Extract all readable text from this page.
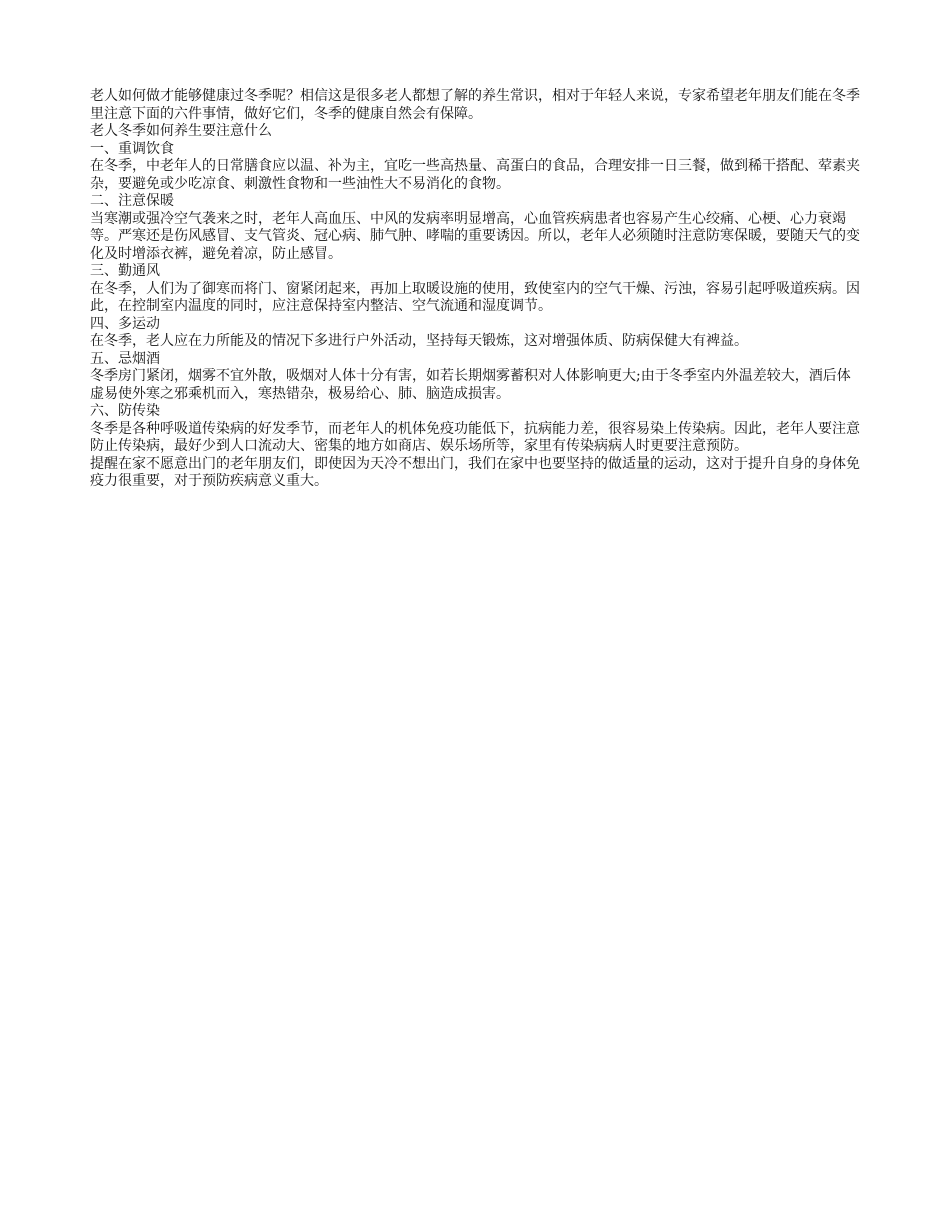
老人如何做才能够健康过冬季呢？相信这是很多老人都想了解的养生常识，相对于年轻人来说，专家希望老年朋友们能在冬季里注意下面的六件事情，做好它们，冬季的健康自然会有保障。

老人冬季如何养生要注意什么

一、重调饮食

在冬季，中老年人的日常膳食应以温、补为主，宜吃一些高热量、高蛋白的食品，合理安排一日三餐，做到稀干搭配、荤素夹杂，要避免或少吃凉食、刺激性食物和一些油性大不易消化的食物。

二、注意保暖

当寒潮或强冷空气袭来之时，老年人高血压、中风的发病率明显增高，心血管疾病患者也容易产生心绞痛、心梗、心力衰竭等。严寒还是伤风感冒、支气管炎、冠心病、肺气肿、哮喘的重要诱因。所以，老年人必须随时注意防寒保暖，要随天气的变化及时增添衣裤，避免着凉，防止感冒。

三、勤通风

在冬季，人们为了御寒而将门、窗紧闭起来，再加上取暖设施的使用，致使室内的空气干燥、污浊，容易引起呼吸道疾病。因此，在控制室内温度的同时，应注意保持室内整洁、空气流通和湿度调节。

四、多运动

在冬季，老人应在力所能及的情况下多进行户外活动，坚持每天锻炼，这对增强体质、防病保健大有裨益。

五、忌烟酒

冬季房门紧闭，烟雾不宜外散，吸烟对人体十分有害，如若长期烟雾蓄积对人体影响更大;由于冬季室内外温差较大，酒后体虚易使外寒之邪乘机而入，寒热错杂，极易给心、肺、脑造成损害。

六、防传染

冬季是各种呼吸道传染病的好发季节，而老年人的机体免疫功能低下，抗病能力差，很容易染上传染病。因此，老年人要注意防止传染病，最好少到人口流动大、密集的地方如商店、娱乐场所等，家里有传染病病人时更要注意预防。

提醒在家不愿意出门的老年朋友们，即使因为天冷不想出门，我们在家中也要坚持的做适量的运动，这对于提升自身的身体免疫力很重要，对于预防疾病意义重大。
